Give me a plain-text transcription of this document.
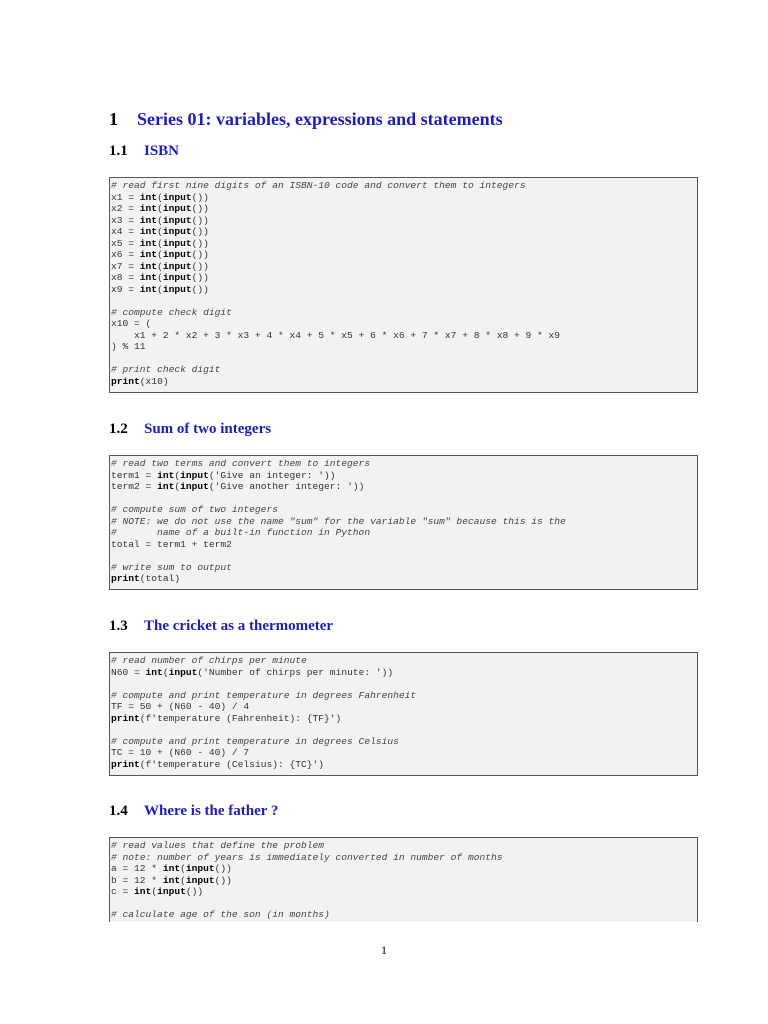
1 Series 01: variables, expressions and statements
1.1 ISBN
# read first nine digits of an ISBN-10 code and convert them to integers
x1 = int(input())
x2 = int(input())
x3 = int(input())
x4 = int(input())
x5 = int(input())
x6 = int(input())
x7 = int(input())
x8 = int(input())
x9 = int(input())

# compute check digit
x10 = (
x1 + 2 * x2 + 3 * x3 + 4 * x4 + 5 * x5 + 6 * x6 + 7 * x7 + 8 * x8 + 9 * x9
) % 11

# print check digit
print(x10)
1.2 Sum of two integers
# read two terms and convert them to integers
term1 = int(input('Give an integer: '))
term2 = int(input('Give another integer: '))

# compute sum of two integers
# NOTE: we do not use the name "sum" for the variable "sum" because this is the
#       name of a built-in function in Python
total = term1 + term2

# write sum to output
print(total)
1.3 The cricket as a thermometer
# read number of chirps per minute
N60 = int(input('Number of chirps per minute: '))

# compute and print temperature in degrees Fahrenheit
TF = 50 + (N60 - 40) / 4
print(f'temperature (Fahrenheit): {TF}')

# compute and print temperature in degrees Celsius
TC = 10 + (N60 - 40) / 7
print(f'temperature (Celsius): {TC}')
1.4 Where is the father ?
# read values that define the problem
# note: number of years is immediately converted in number of months
a = 12 * int(input())
b = 12 * int(input())
c = int(input())

# calculate age of the son (in months)
1
